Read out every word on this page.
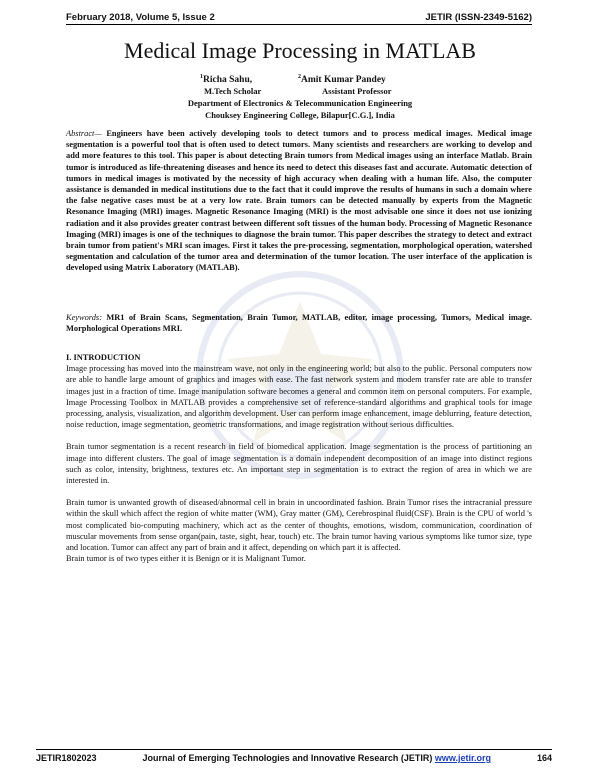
February 2018, Volume 5, Issue 2	JETIR (ISSN-2349-5162)
Medical Image Processing in MATLAB
$^1$Richa Sahu,	$^2$Amit Kumar Pandey
M.Tech Scholar	Assistant Professor
Department of Electronics & Telecommunication Engineering
Chouksey Engineering College, Bilapur[C.G.], India
Abstract— Engineers have been actively developing tools to detect tumors and to process medical images. Medical image segmentation is a powerful tool that is often used to detect tumors. Many scientists and researchers are working to develop and add more features to this tool. This paper is about detecting Brain tumors from Medical images using an interface Matlab. Brain tumor is introduced as life-threatening diseases and hence its need to detect this diseases fast and accurate. Automatic detection of tumors in medical images is motivated by the necessity of high accuracy when dealing with a human life. Also, the computer assistance is demanded in medical institutions due to the fact that it could improve the results of humans in such a domain where the false negative cases must be at a very low rate. Brain tumors can be detected manually by experts from the Magnetic Resonance Imaging (MRI) images. Magnetic Resonance Imaging (MRI) is the most advisable one since it does not use ionizing radiation and it also provides greater contrast between different soft tissues of the human body. Processing of Magnetic Resonance Imaging (MRI) images is one of the techniques to diagnose the brain tumor. This paper describes the strategy to detect and extract brain tumor from patient's MRI scan images. First it takes the pre-processing, segmentation, morphological operation, watershed segmentation and calculation of the tumor area and determination of the tumor location. The user interface of the application is developed using Matrix Laboratory (MATLAB).
Keywords: MR1 of Brain Scans, Segmentation, Brain Tumor, MATLAB, editor, image processing, Tumors, Medical image. Morphological Operations MRI.
I. INTRODUCTION

Image processing has moved into the mainstream wave, not only in the engineering world; but also to the public. Personal computers now are able to handle large amount of graphics and images with ease. The fast network system and modem transfer rate are able to transfer images just in a fraction of time. Image manipulation software becomes a general and common item on personal computers. For example, Image Processing Toolbox in MATLAB provides a comprehensive set of reference-standard algorithms and graphical tools for image processing, analysis, visualization, and algorithm development. User can perform image enhancement, image deblurring, feature detection, noise reduction, image segmentation, geometric transformations, and image registration without serious difficulties.

Brain tumor segmentation is a recent research in field of biomedical application. Image segmentation is the process of partitioning an image into different clusters. The goal of image segmentation is a domain independent decomposition of an image into distinct regions such as color, intensity, brightness, textures etc. An important step in segmentation is to extract the region of area in which we are interested in.

Brain tumor is unwanted growth of diseased/abnormal cell in brain in uncoordinated fashion. Brain Tumor rises the intracranial pressure within the skull which affect the region of white matter (WM), Gray matter (GM), Cerebrospinal fluid(CSF). Brain is the CPU of world 's most complicated bio-computing machinery, which act as the center of thoughts, emotions, wisdom, communication, coordination of muscular movements from sense organ(pain, taste, sight, hear, touch) etc. The brain tumor having various symptoms like tumor size, type and location. Tumor can affect any part of brain and it affect, depending on which part it is affected.

Brain tumor is of two types either it is Benign or it is Malignant Tumor.

JETIR1802023	Journal of Emerging Technologies and Innovative Research (JETIR) www.jetir.org	164
